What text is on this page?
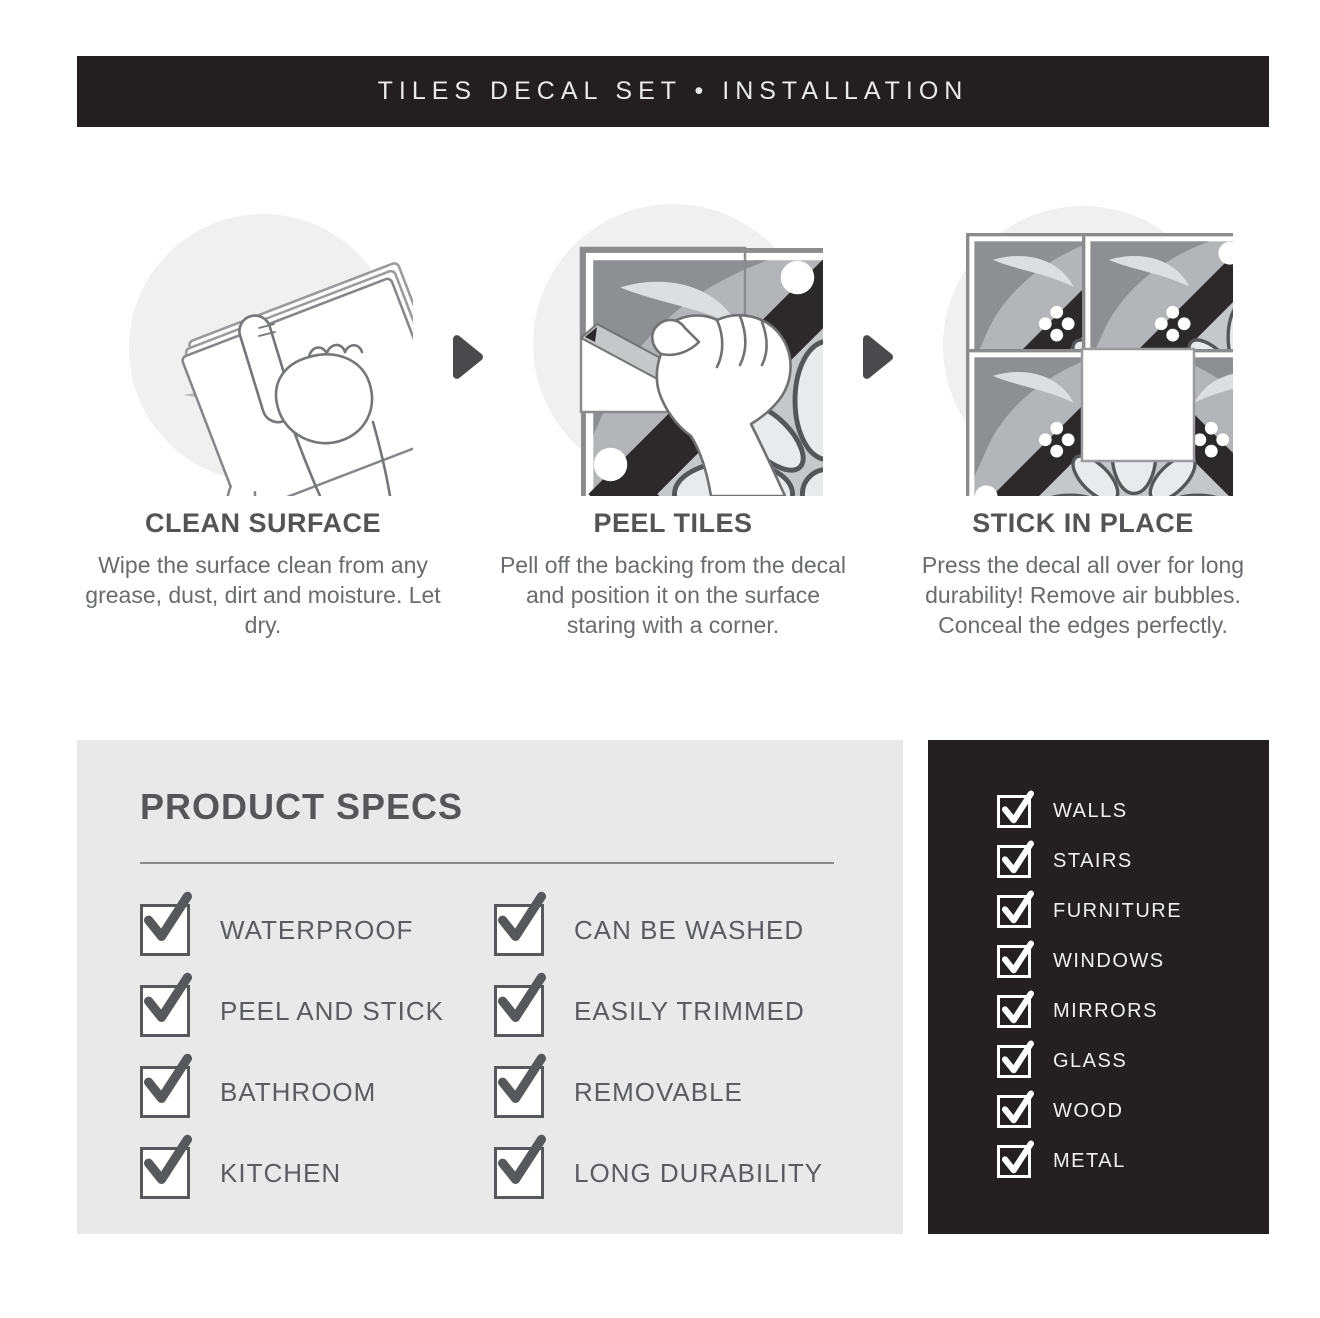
TILES DECAL SET • INSTALLATION
CLEAN SURFACE

Wipe the surface clean from any grease, dust, dirt and moisture. Let dry.

PEEL TILES

Pell off the backing from the decal and position it on the surface staring with a corner.

STICK IN PLACE

Press the decal all over for long durability! Remove air bubbles. Conceal the edges perfectly.

PRODUCT SPECS
WATERPROOF
PEEL AND STICK
BATHROOM
KITCHEN
CAN BE WASHED
EASILY TRIMMED
REMOVABLE
LONG DURABILITY
WALLS
STAIRS
FURNITURE
WINDOWS
MIRRORS
GLASS
WOOD
METAL
